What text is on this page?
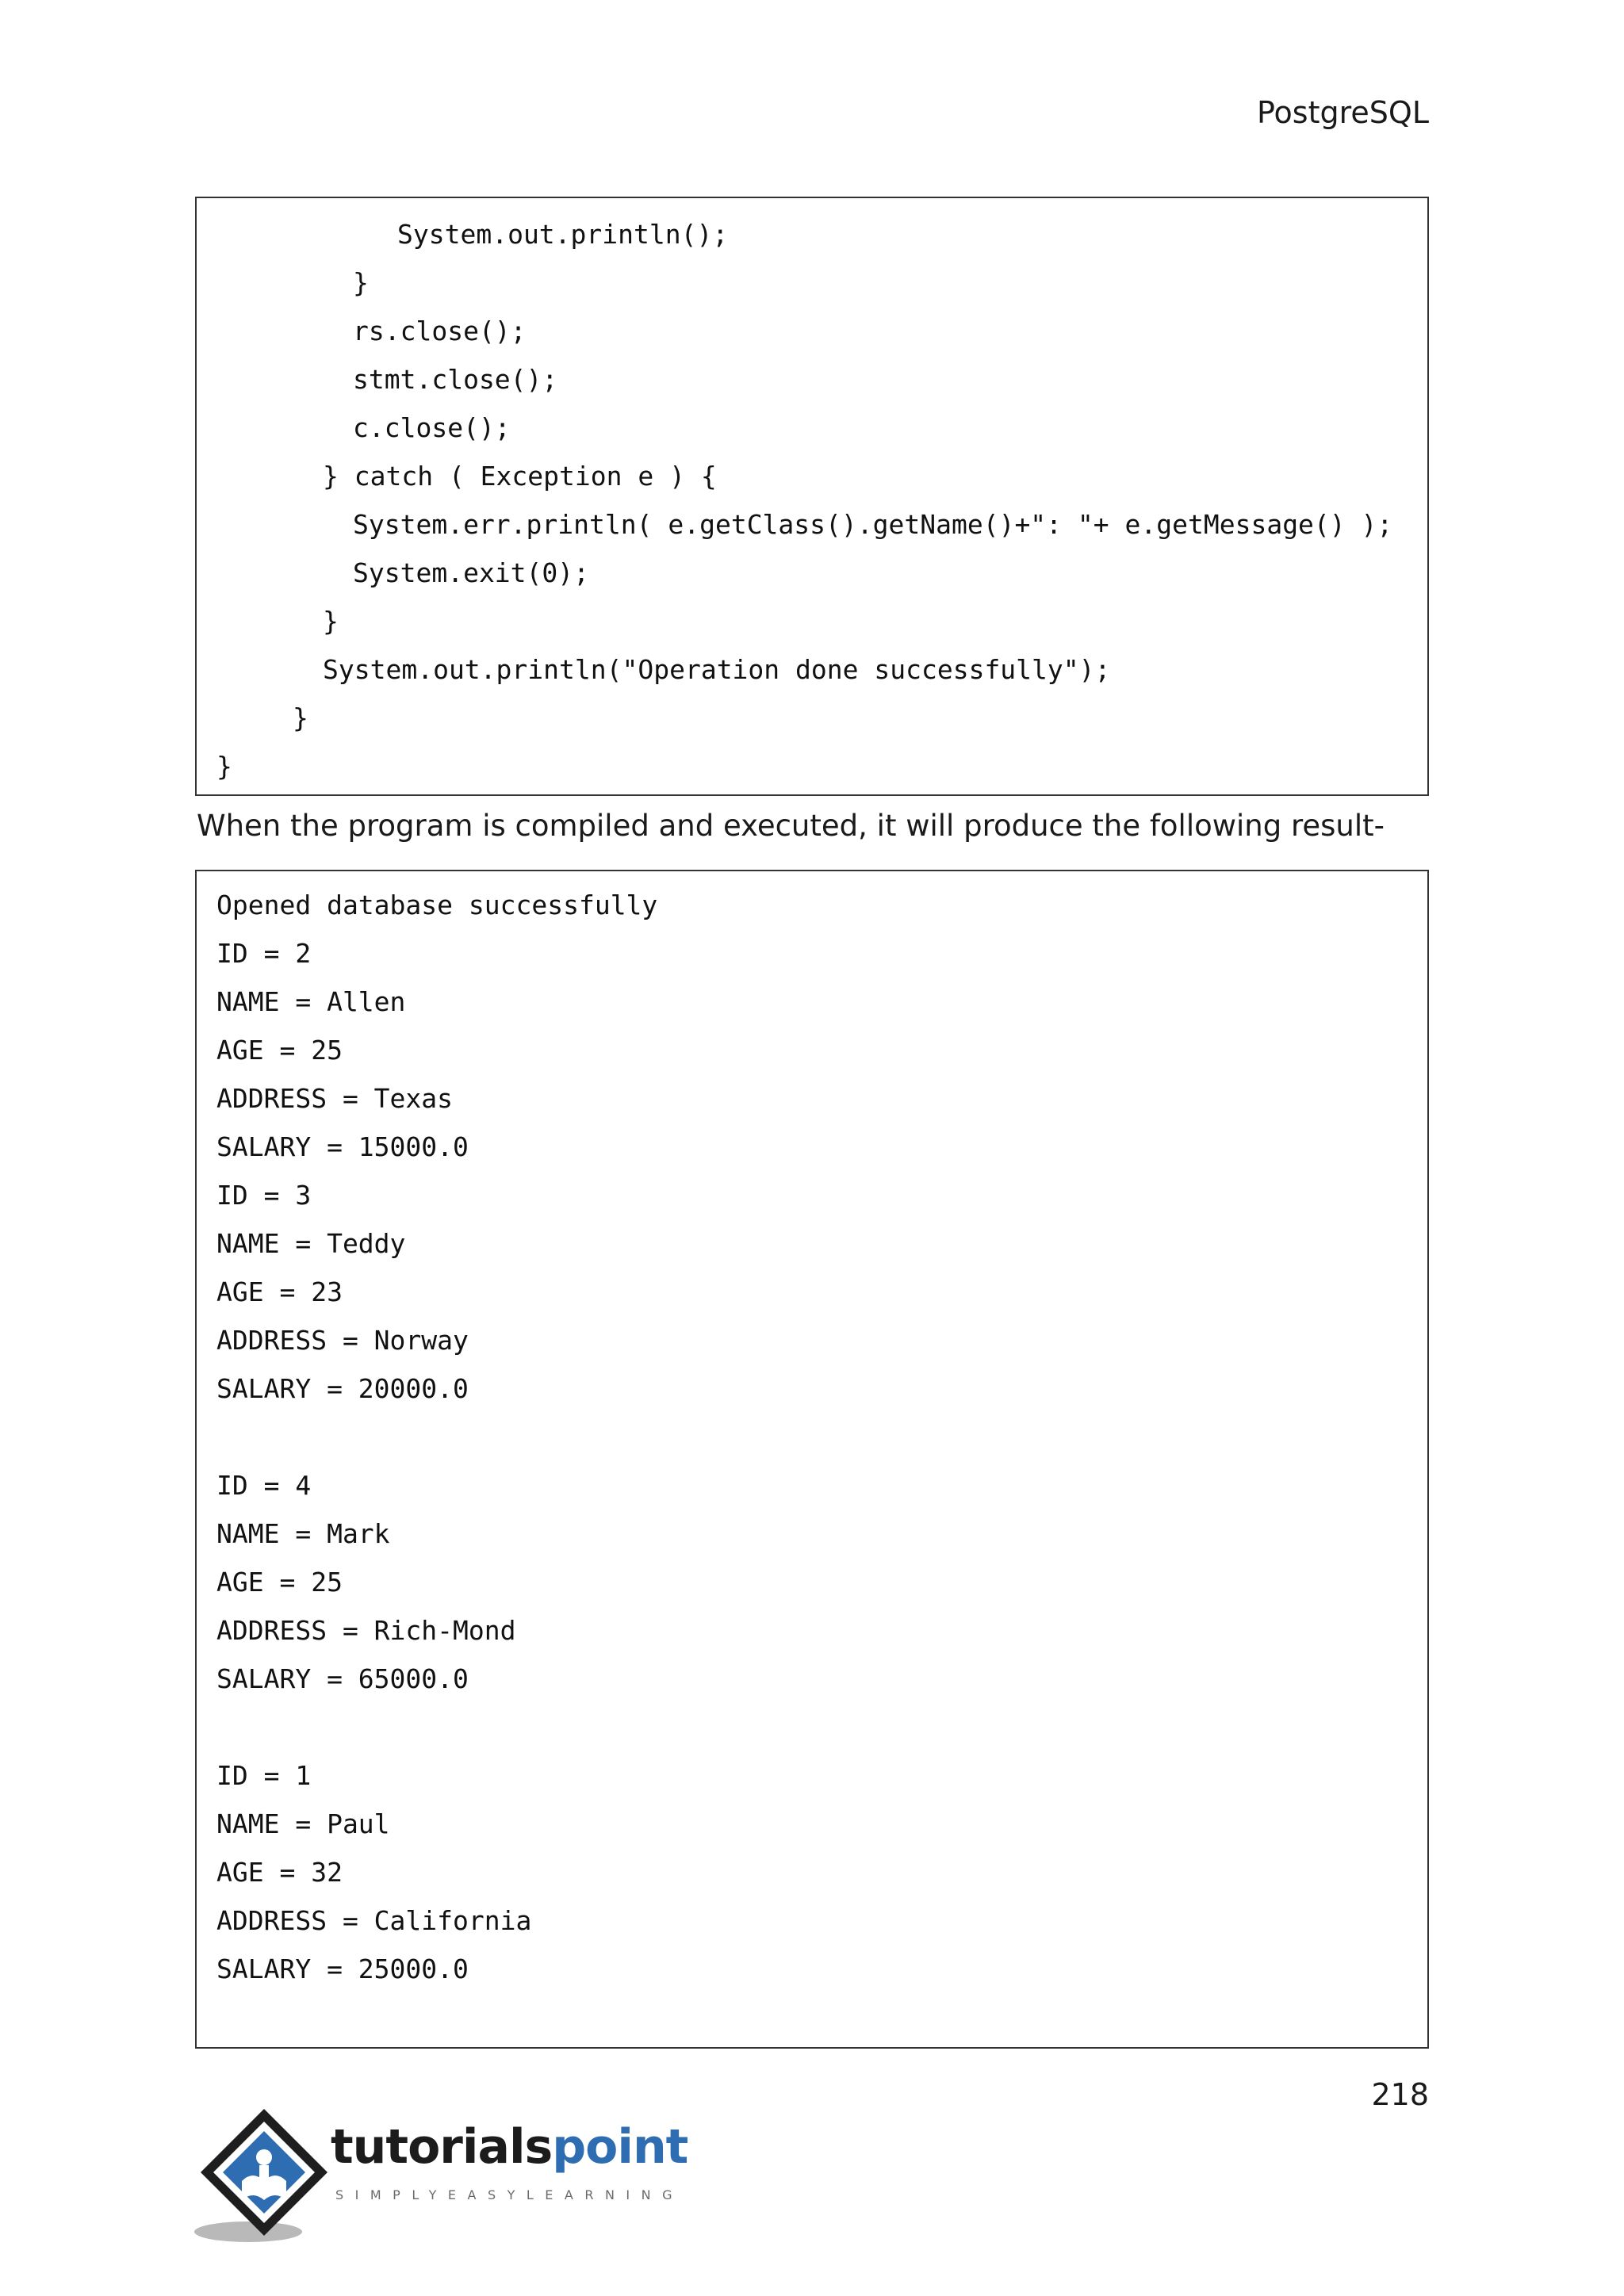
PostgreSQL
System.out.println();
}
rs.close();
stmt.close();
c.close();
} catch ( Exception e ) {
System.err.println( e.getClass().getName()+": "+ e.getMessage() );
System.exit(0);
}
System.out.println("Operation done successfully");
}
}
When the program is compiled and executed, it will produce the following result-
Opened database successfully
ID = 2
NAME = Allen
AGE = 25
ADDRESS = Texas
SALARY = 15000.0
ID = 3
NAME = Teddy
AGE = 23
ADDRESS = Norway
SALARY = 20000.0
ID = 4
NAME = Mark
AGE = 25
ADDRESS = Rich-Mond
SALARY = 65000.0
ID = 1
NAME = Paul
AGE = 32
ADDRESS = California
SALARY = 25000.0
218
tutorialspoint
SIMPLYEASYLEARNING
